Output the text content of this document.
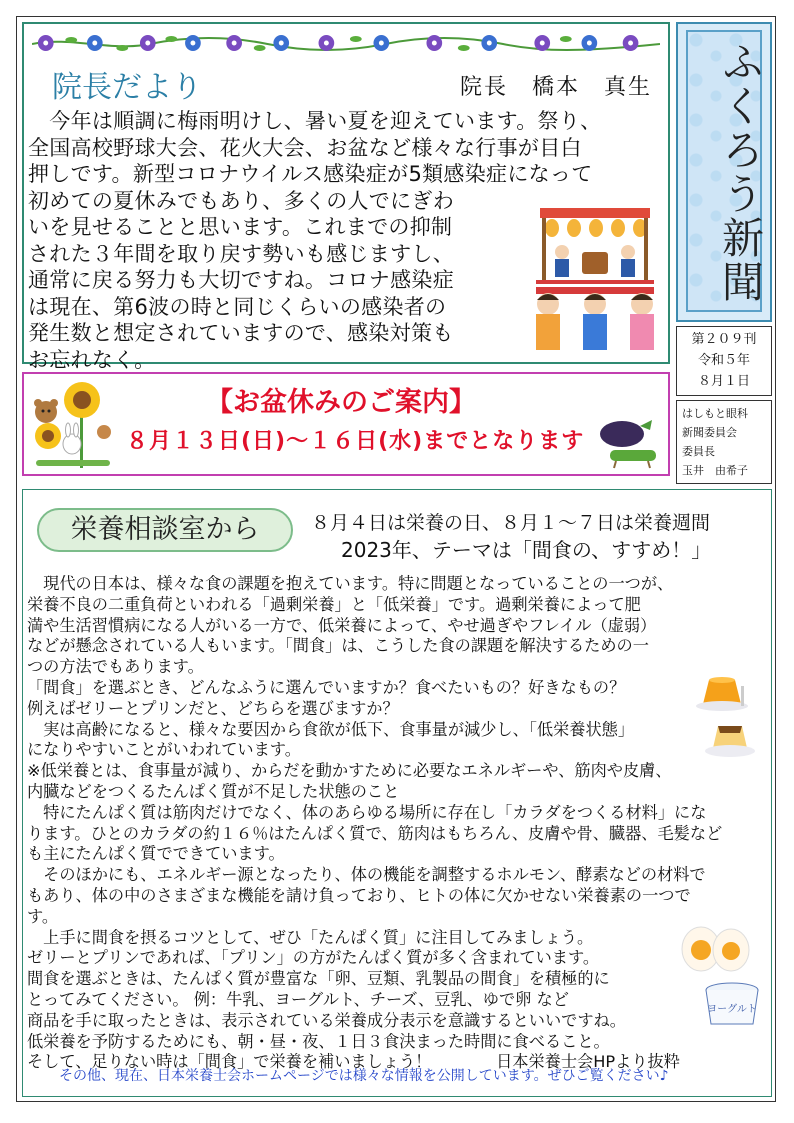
院長だより	院長　橋本　真生

　今年は順調に梅雨明けし、暑い夏を迎えています。祭り、

全国高校野球大会、花火大会、お盆など様々な行事が目白

押しです。新型コロナウイルス感染症が5類感染症になって

初めての夏休みでもあり、多くの人でにぎわ

いを見せることと思います。これまでの抑制

された３年間を取り戻す勢いも感じますし、

通常に戻る努力も大切ですね。コロナ感染症

は現在、第6波の時と同じくらいの感染者の

発生数と想定されていますので、感染対策も

お忘れなく。

ふくろう新聞
第２０９刊
令和５年
８月１日
はしもと眼科
新聞委員会
委員長
玉井　由希子
【お盆休みのご案内】
８月１３日(日)～１６日(水)までとなります
栄養相談室から	８月４日は栄養の日、８月１～７日は栄養週間
2023年、テーマは「間食の、すすめ！」

　現代の日本は、様々な食の課題を抱えています。特に問題となっていることの一つが、

栄養不良の二重負荷といわれる「過剰栄養」と「低栄養」です。過剰栄養によって肥

満や生活習慣病になる人がいる一方で、低栄養によって、やせ過ぎやフレイル（虚弱）

などが懸念されている人もいます。「間食」は、こうした食の課題を解決するための一

つの方法でもあります。

「間食」を選ぶとき、どんなふうに選んでいますか？食べたいもの？好きなもの？

例えばゼリーとプリンだと、どちらを選びますか？

　実は高齢になると、様々な要因から食欲が低下、食事量が減少し、「低栄養状態」

になりやすいことがいわれています。

※低栄養とは、食事量が減り、からだを動かすために必要なエネルギーや、筋肉や皮膚、

内臓などをつくるたんぱく質が不足した状態のこと

　特にたんぱく質は筋肉だけでなく、体のあらゆる場所に存在し「カラダをつくる材料」にな

ります。ひとのカラダの約１６％はたんぱく質で、筋肉はもちろん、皮膚や骨、臓器、毛髪など

も主にたんぱく質でできています。

　そのほかにも、エネルギー源となったり、体の機能を調整するホルモン、酵素などの材料で

もあり、体の中のさまざまな機能を請け負っており、ヒトの体に欠かせない栄養素の一つで

す。

　上手に間食を摂るコツとして、ぜひ「たんぱく質」に注目してみましょう。

ゼリーとプリンであれば、「プリン」の方がたんぱく質が多く含まれています。

間食を選ぶときは、たんぱく質が豊富な「卵、豆類、乳製品の間食」を積極的に

とってみてください。 例：牛乳、ヨーグルト、チーズ、豆乳、ゆで卵 など

商品を手に取ったときは、表示されている栄養成分表示を意識するといいですね。

低栄養を予防するためにも、朝・昼・夜、１日３食決まった時間に食べること。

そして、足りない時は「間食」で栄養を補いましょう！　　　　日本栄養士会HPより抜粋

その他、現在、日本栄養士会ホームページでは様々な情報を公開しています。ぜひご覧ください♪
ヨーグルト
